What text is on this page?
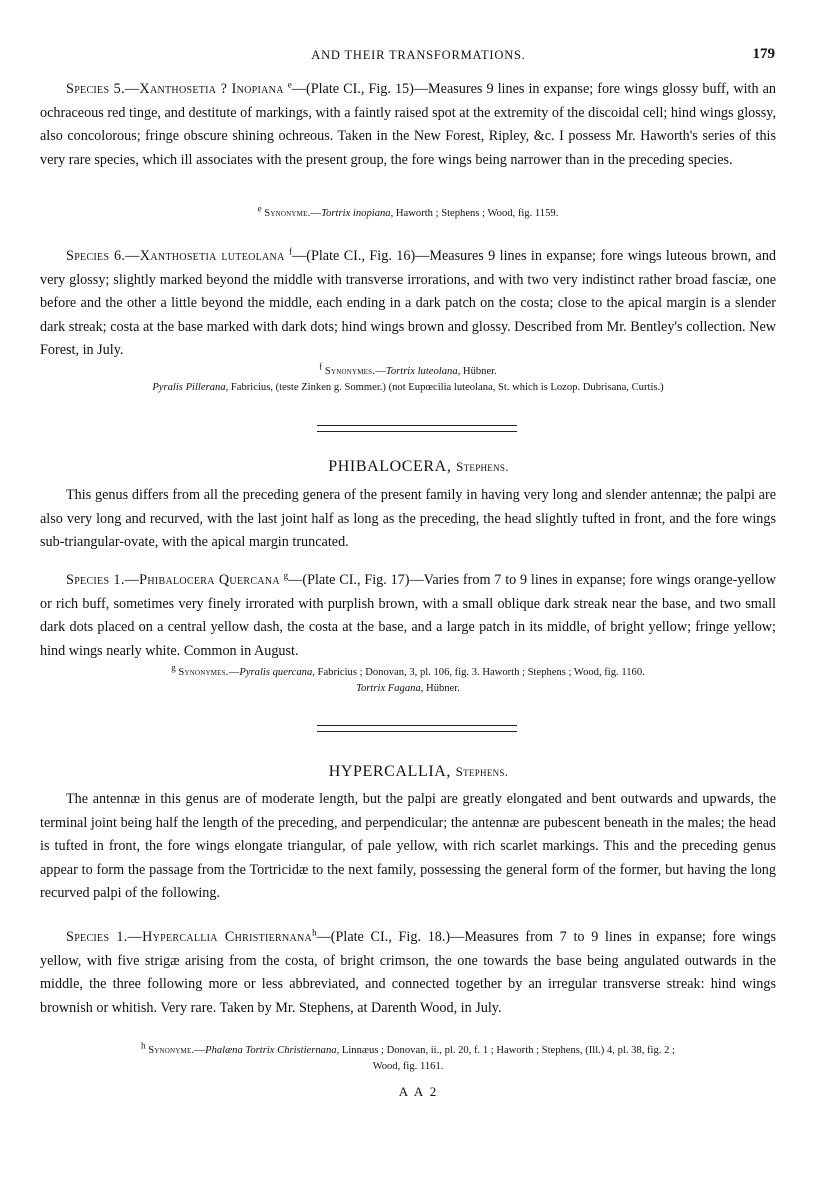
AND THEIR TRANSFORMATIONS.	179

Species 5.—Xanthosetia ? Inopiana $^e$—(Plate CI., Fig. 15)—Measures 9 lines in expanse; fore wings glossy buff, with an ochraceous red tinge, and destitute of markings, with a faintly raised spot at the extremity of the discoidal cell; hind wings glossy, also concolorous; fringe obscure shining ochreous. Taken in the New Forest, Ripley, &c. I possess Mr. Haworth's series of this very rare species, which ill associates with the present group, the fore wings being narrower than in the preceding species.

$^e$ Synonyme.—Tortrix inopiana, Haworth ; Stephens ; Wood, fig. 1159.

Species 6.—Xanthosetia luteolana $^f$—(Plate CI., Fig. 16)—Measures 9 lines in expanse; fore wings luteous brown, and very glossy; slightly marked beyond the middle with transverse irrorations, and with two very indistinct rather broad fasciæ, one before and the other a little beyond the middle, each ending in a dark patch on the costa; close to the apical margin is a slender dark streak; costa at the base marked with dark dots; hind wings brown and glossy. Described from Mr. Bentley's collection. New Forest, in July.

$^f$ Synonymes.—Tortrix luteolana, Hübner.

Pyralis Pillerana, Fabricius, (teste Zinken g. Sommer.) (not Eupœcilia luteolana, St. which is Lozop. Dubrisana, Curtis.)

PHIBALOCERA, Stephens.

This genus differs from all the preceding genera of the present family in having very long and slender antennæ; the palpi are also very long and recurved, with the last joint half as long as the preceding, the head slightly tufted in front, and the fore wings sub-triangular-ovate, with the apical margin truncated.

Species 1.—Phibalocera Quercana $^g$—(Plate CI., Fig. 17)—Varies from 7 to 9 lines in expanse; fore wings orange-yellow or rich buff, sometimes very finely irrorated with purplish brown, with a small oblique dark streak near the base, and two small dark dots placed on a central yellow dash, the costa at the base, and a large patch in its middle, of bright yellow; fringe yellow; hind wings nearly white. Common in August.

$^g$ Synonymes.—Pyralis quercana, Fabricius ; Donovan, 3, pl. 106, fig. 3. Haworth ; Stephens ; Wood, fig. 1160.

Tortrix Fagana, Hübner.

HYPERCALLIA, Stephens.

The antennæ in this genus are of moderate length, but the palpi are greatly elongated and bent outwards and upwards, the terminal joint being half the length of the preceding, and perpendicular; the antennæ are pubescent beneath in the males; the head is tufted in front, the fore wings elongate triangular, of pale yellow, with rich scarlet markings. This and the preceding genus appear to form the passage from the Tortricidæ to the next family, possessing the general form of the former, but having the long recurved palpi of the following.

Species 1.—Hypercallia Christiernana$^h$—(Plate CI., Fig. 18.)—Measures from 7 to 9 lines in expanse; fore wings yellow, with five strigæ arising from the costa, of bright crimson, the one towards the base being angulated outwards in the middle, the three following more or less abbreviated, and connected together by an irregular transverse streak: hind wings brownish or whitish. Very rare. Taken by Mr. Stephens, at Darenth Wood, in July.

$^h$ Synonyme.—Phalæna Tortrix Christiernana, Linnæus ; Donovan, ii., pl. 20, f. 1 ; Haworth ; Stephens, (Ill.) 4, pl. 38, fig. 2 ;

Wood, fig. 1161.

A A 2
